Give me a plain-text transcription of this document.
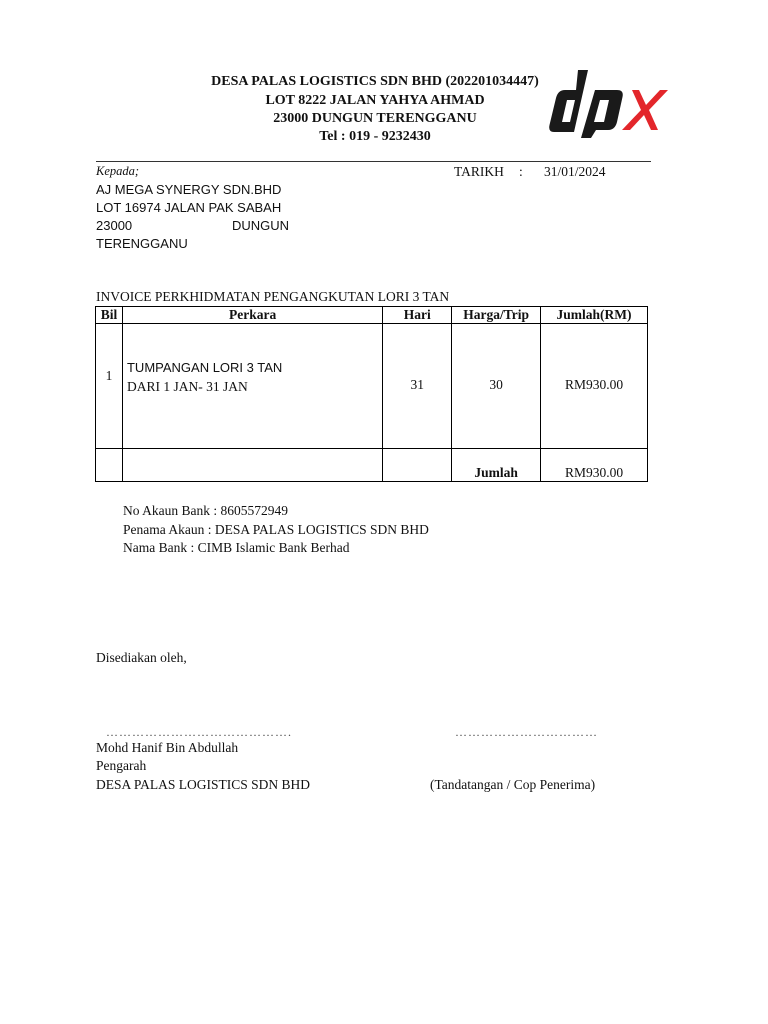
DESA PALAS LOGISTICS SDN BHD (202201034447)
LOT 8222 JALAN YAHYA AHMAD
23000 DUNGUN TERENGGANU
Tel : 019 - 9232430
Kepada;
AJ MEGA SYNERGY SDN.BHD
LOT 16974 JALAN PAK SABAH
23000	DUNGUN
TERENGGANU
TARIKH : 31/01/2024
INVOICE PERKHIDMATAN PENGANGKUTAN LORI 3 TAN
Bil	Perkara	Hari	Harga/Trip	Jumlah(RM)

1	TUMPANGAN LORI 3 TAN
DARI 1 JAN- 31 JAN	31	30	RM930.00

			Jumlah	RM930.00
No Akaun Bank : 8605572949
Penama Akaun : DESA PALAS LOGISTICS SDN BHD
Nama Bank : CIMB Islamic Bank Berhad
Disediakan oleh,
…………………………………….	……………………………
Mohd Hanif Bin Abdullah
Pengarah
DESA PALAS LOGISTICS SDN BHD	(Tandatangan / Cop Penerima)
